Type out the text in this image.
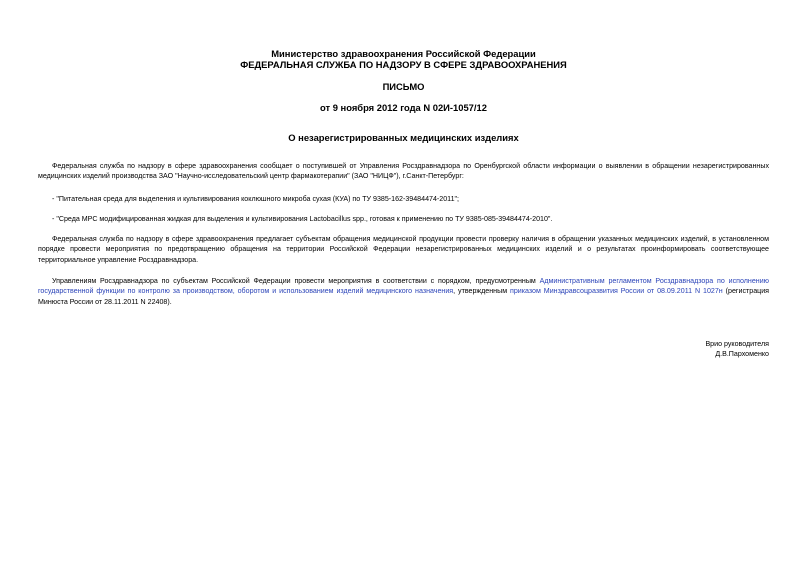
Министерство здравоохранения Российской Федерации
ФЕДЕРАЛЬНАЯ СЛУЖБА ПО НАДЗОРУ В СФЕРЕ ЗДРАВООХРАНЕНИЯ
ПИСЬМО
от 9 ноября 2012 года N 02И-1057/12
О незарегистрированных медицинских изделиях
Федеральная служба по надзору в сфере здравоохранения сообщает о поступившей от Управления Росздравнадзора по Оренбургской области информации о выявлении в обращении незарегистрированных медицинских изделий производства ЗАО "Научно-исследовательский центр фармакотерапии" (ЗАО "НИЦФ"), г.Санкт-Петербург:
- "Питательная среда для выделения и культивирования коклюшного микроба сухая (КУА) по ТУ 9385-162-39484474-2011";
- "Среда МРС модифицированная жидкая для выделения и культивирования Lactobacillus spp., готовая к применению по ТУ 9385-085-39484474-2010".
Федеральная служба по надзору в сфере здравоохранения предлагает субъектам обращения медицинской продукции провести проверку наличия в обращении указанных медицинских изделий, в установленном порядке провести мероприятия по предотвращению обращения на территории Российской Федерации незарегистрированных медицинских изделий и о результатах проинформировать соответствующее территориальное управление Росздравнадзора.
Управлениям Росздравнадзора по субъектам Российской Федерации провести мероприятия в соответствии с порядком, предусмотренным Административным регламентом Росздравнадзора по исполнению государственной функции по контролю за производством, оборотом и использованием изделий медицинского назначения, утвержденным приказом Минздравсоцразвития России от 08.09.2011 N 1027н (регистрация Минюста России от 28.11.2011 N 22408).
Врио руководителя
Д.В.Пархоменко
